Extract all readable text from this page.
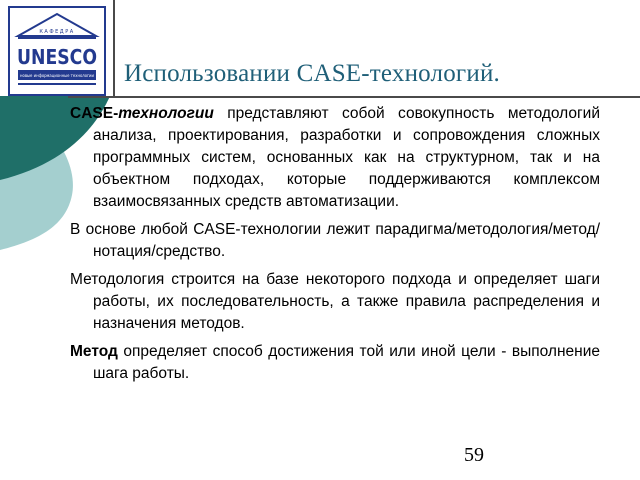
КАФЕДРА
UNESCO
новые информационные технологии Использовании CASE-технологий.

CASE-технологии представляют собой совокупность методологий анализа, проектирования, разработки и сопровождения сложных программных систем, основанных как на структурном, так и на объектном подходах, которые поддерживаются комплексом взаимосвязанных средств автоматизации.

В основе любой CASE-технологии лежит парадигма/методология/метод/нотация/средство.

Методология строится на базе некоторого подхода и определяет шаги работы, их последовательность, а также правила распределения и назначения методов.

Метод определяет способ достижения той или иной цели - выполнение шага работы.

59
